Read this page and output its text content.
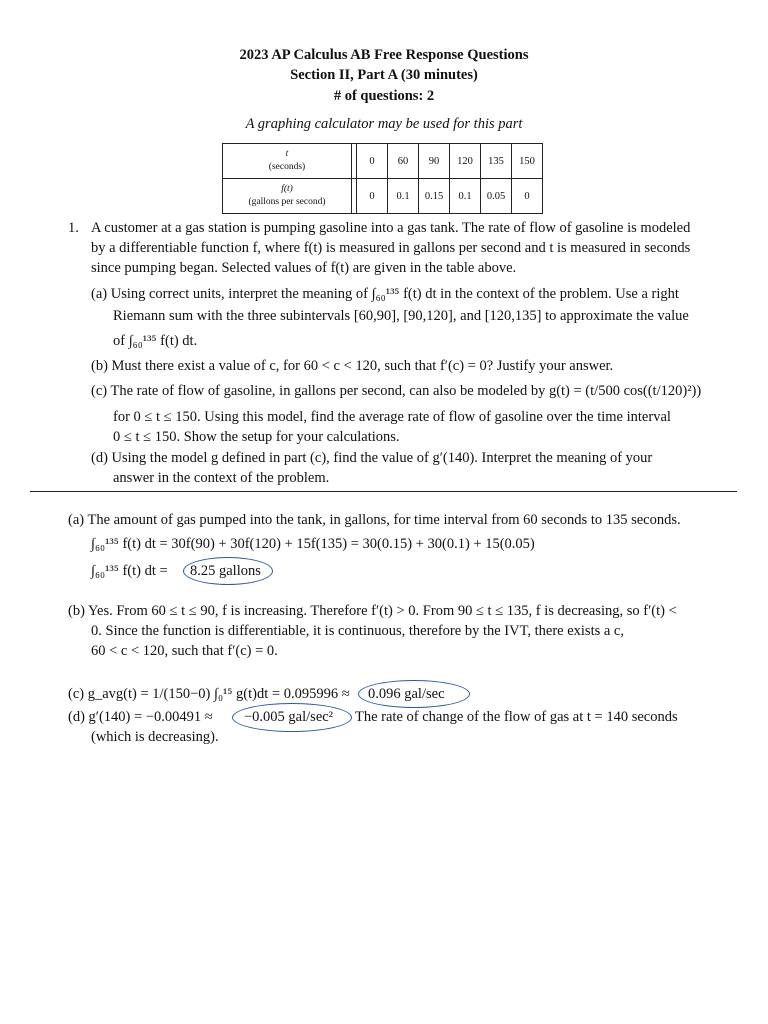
2023 AP Calculus AB Free Response Questions
Section II, Part A (30 minutes)
# of questions: 2
A graphing calculator may be used for this part
t
(seconds)		0	60	90	120	135	150
f(t)
(gallons per second)		0	0.1	0.15	0.1	0.05	0
1. A customer at a gas station is pumping gasoline into a gas tank. The rate of flow of gasoline is modeled
by a differentiable function f, where f(t) is measured in gallons per second and t is measured in seconds
since pumping began. Selected values of f(t) are given in the table above.
(a) Using correct units, interpret the meaning of ∫₆₀¹³⁵ f(t) dt in the context of the problem. Use a right
Riemann sum with the three subintervals [60,90], [90,120], and [120,135] to approximate the value
of ∫₆₀¹³⁵ f(t) dt.
(b) Must there exist a value of c, for 60 < c < 120, such that f′(c) = 0? Justify your answer.
(c) The rate of flow of gasoline, in gallons per second, can also be modeled by g(t) = (t/500 cos((t/120)²))
for 0 ≤ t ≤ 150. Using this model, find the average rate of flow of gasoline over the time interval
0 ≤ t ≤ 150. Show the setup for your calculations.
(d) Using the model g defined in part (c), find the value of g′(140). Interpret the meaning of your
answer in the context of the problem.
(a) The amount of gas pumped into the tank, in gallons, for time interval from 60 seconds to 135 seconds.
∫₆₀¹³⁵ f(t) dt = 30f(90) + 30f(120) + 15f(135) = 30(0.15) + 30(0.1) + 15(0.05)
∫₆₀¹³⁵ f(t) dt = 8.25 gallons
(b) Yes. From 60 ≤ t ≤ 90, f is increasing. Therefore f′(t) > 0. From 90 ≤ t ≤ 135, f is decreasing, so f′(t) <
0. Since the function is differentiable, it is continuous, therefore by the IVT, there exists a c,
60 < c < 120, such that f′(c) = 0.
(c) g_avg(t) = 1/(150−0) ∫₀¹⁵ g(t)dt = 0.095996 ≈ 0.096 gal/sec
(d) g′(140) = −0.00491 ≈ −0.005 gal/sec² The rate of change of the flow of gas at t = 140 seconds
(which is decreasing).
